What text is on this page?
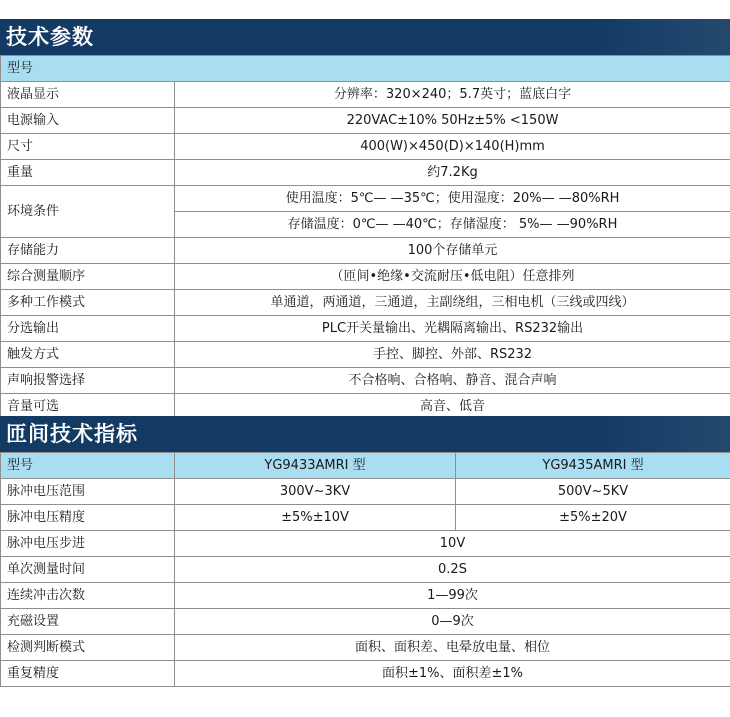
技术参数
型号	
液晶显示	分辨率：320×240；5.7英寸；蓝底白字
电源输入	220VAC±10% 50Hz±5% <150W
尺寸	400(W)×450(D)×140(H)mm
重量	约7.2Kg
环境条件	使用温度：5℃— —35℃；使用湿度：20%— —80%RH
存储温度：0℃— —40℃；存储湿度： 5%— —90%RH

存储能力	100个存储单元
综合测量顺序	（匝间•绝缘•交流耐压•低电阻）任意排列
多种工作模式	单通道，两通道，三通道，主副绕组，三相电机（三线或四线）
分选输出	PLC开关量输出、光耦隔离输出、RS232输出
触发方式	手控、脚控、外部、RS232
声响报警选择	不合格响、合格响、静音、混合声响
音量可选	高音、低音
匝间技术指标
型号	YG9433AMRI 型	YG9435AMRI 型
脉冲电压范围	300V~3KV	500V~5KV
脉冲电压精度	±5%±10V	±5%±20V
脉冲电压步进	10V	
单次测量时间	0.2S	
连续冲击次数	1—99次	
充磁设置	0—9次	
检测判断模式	面积、面积差、电晕放电量、相位	
重复精度	面积±1%、面积差±1%	
